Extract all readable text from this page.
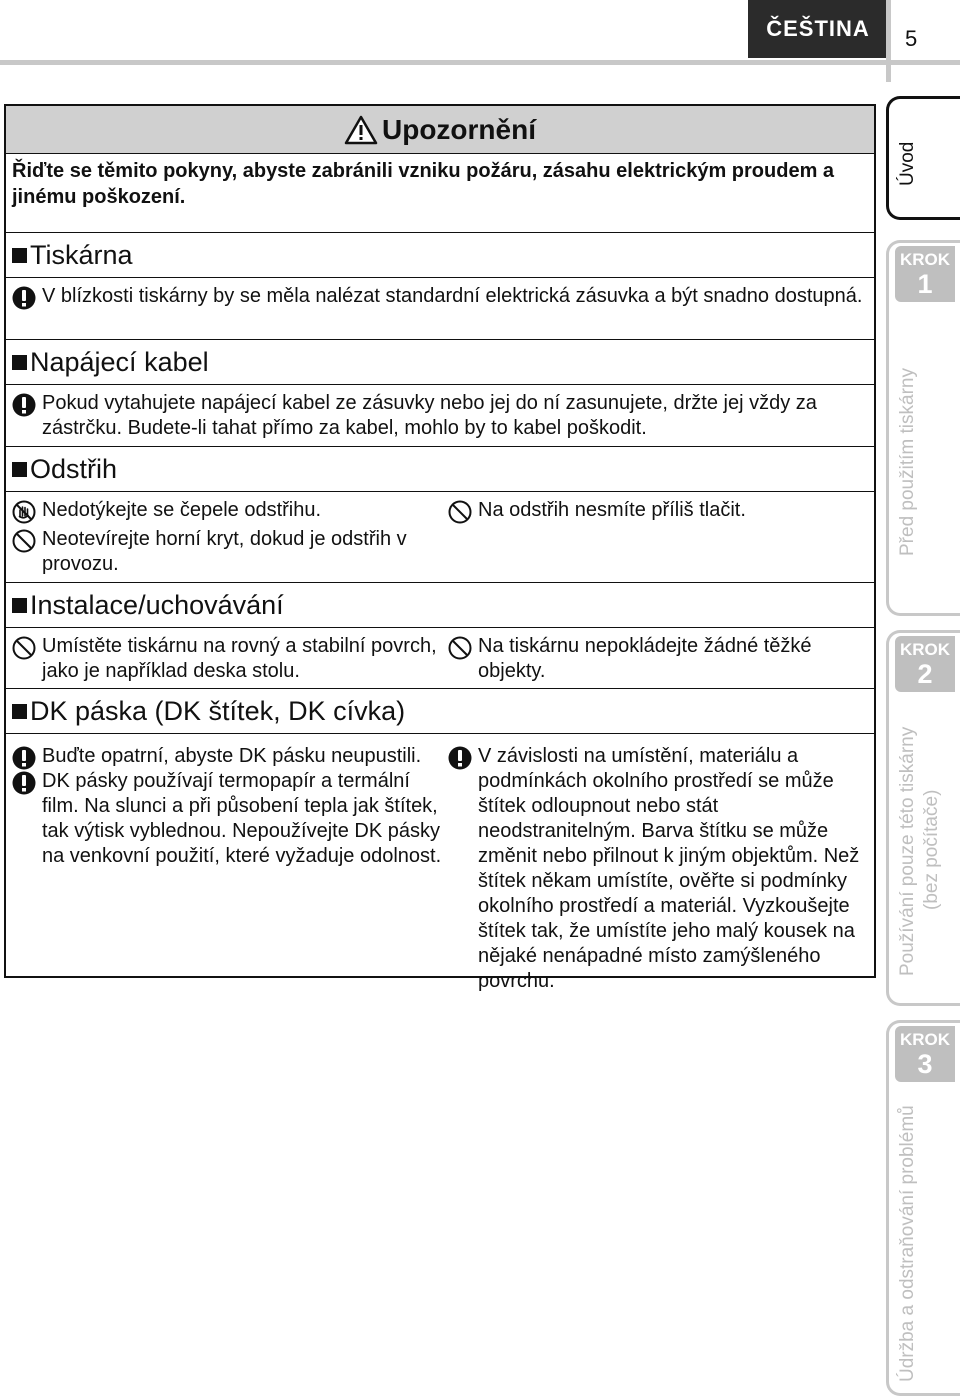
ČEŠTINA 5
Upozornění
Řiďte se těmito pokyny, abyste zabránili vzniku požáru, zásahu elektrickým proudem a jinému poškození.
Tiskárna
V blízkosti tiskárny by se měla nalézat standardní elektrická zásuvka a být snadno dostupná.
Napájecí kabel
Pokud vytahujete napájecí kabel ze zásuvky nebo jej do ní zasunujete, držte jej vždy za zástrčku. Budete-li tahat přímo za kabel, mohlo by to kabel poškodit.
Odstřih
Nedotýkejte se čepele odstřihu.
Neotevírejte horní kryt, dokud je odstřih v provozu.
Na odstřih nesmíte příliš tlačit.
Instalace/uchovávání
Umístěte tiskárnu na rovný a stabilní povrch, jako je například deska stolu.
Na tiskárnu nepokládejte žádné těžké objekty.
DK páska (DK štítek, DK cívka)
Buďte opatrní, abyste DK pásku neupustili.
DK pásky používají termopapír a termální film. Na slunci a při působení tepla jak štítek, tak výtisk vyblednou. Nepoužívejte DK pásky na venkovní použití, které vyžaduje odolnost.
V závislosti na umístění, materiálu a podmínkách okolního prostředí se může štítek odloupnout nebo stát neodstranitelným. Barva štítku se může změnit nebo přilnout k jiným objektům. Než štítek někam umístíte, ověřte si podmínky okolního prostředí a materiál. Vyzkoušejte štítek tak, že umístíte jeho malý kousek na nějaké nenápadné místo zamýšleného povrchu.
Úvod
KROK
1
Před použitím tiskárny
KROK
2
Používání pouze této tiskárny (bez počítače)
KROK
3
Údržba a odstraňování problémů
